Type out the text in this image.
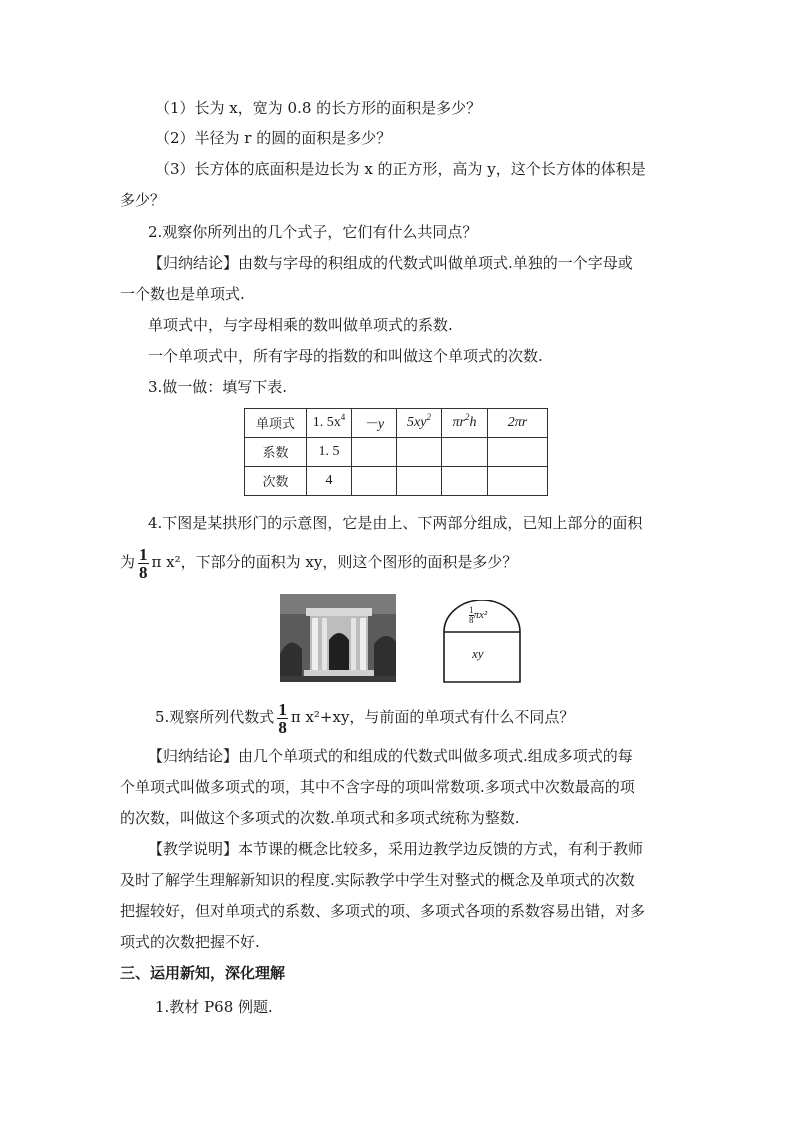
（1）长为 x，宽为 0.8 的长方形的面积是多少？
（2）半径为 r 的圆的面积是多少？
（3）长方体的底面积是边长为 x 的正方形，高为 y，这个长方体的体积是
多少？
2.观察你所列出的几个式子，它们有什么共同点？
【归纳结论】由数与字母的积组成的代数式叫做单项式.单独的一个字母或
一个数也是单项式.
单项式中，与字母相乘的数叫做单项式的系数.
一个单项式中，所有字母的指数的和叫做这个单项式的次数.
3.做一做：填写下表.
单项式	1. $5x^4$	－y	$5xy^2$	$\pi r^2h$	2πr
系数	1. 5				
次数	4				
4.下图是某拱形门的示意图，它是由上、下两部分组成，已知上部分的面积
为 $\frac{1}{8}$ π x²，下部分的面积为 xy，则这个图形的面积是多少？
$\frac{1}{8} \pi x^2$
xy
5.观察所列代数式 $\frac{1}{8}$ π x²+xy，与前面的单项式有什么不同点？
【归纳结论】由几个单项式的和组成的代数式叫做多项式.组成多项式的每
个单项式叫做多项式的项，其中不含字母的项叫常数项.多项式中次数最高的项
的次数，叫做这个多项式的次数.单项式和多项式统称为整数.
【教学说明】本节课的概念比较多，采用边教学边反馈的方式，有利于教师
及时了解学生理解新知识的程度.实际教学中学生对整式的概念及单项式的次数
把握较好，但对单项式的系数、多项式的项、多项式各项的系数容易出错，对多
项式的次数把握不好.
三、运用新知，深化理解
1.教材 P68 例题.
